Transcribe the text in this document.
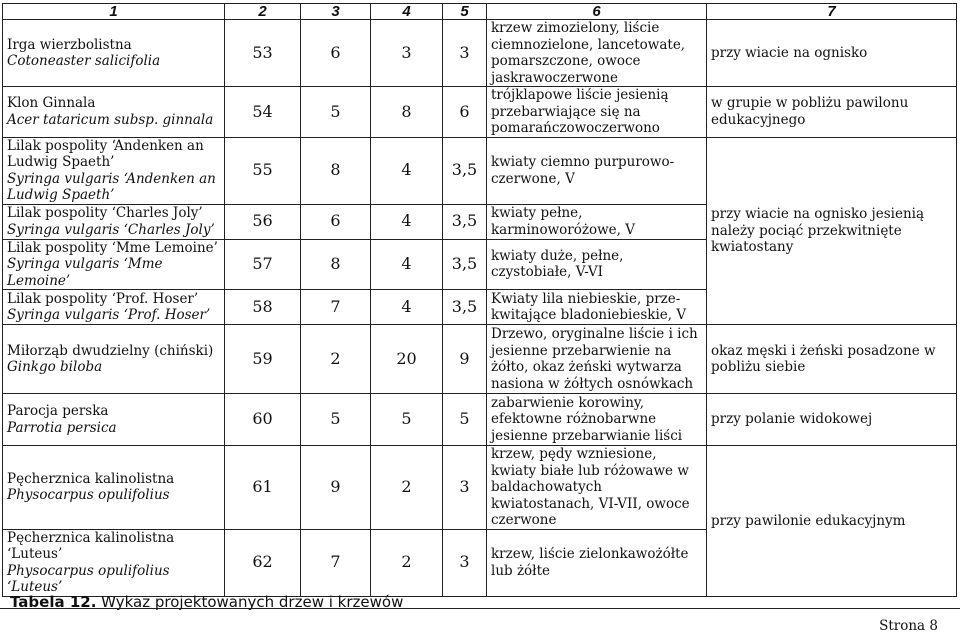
1	2	3	4	5	6	7

Irga wierzbolistna
Cotoneaster salicifolia	53	6	3	3	krzew zimozielony, liście ciemnozielone, lancetowate, pomarszczone, owoce jaskrawoczerwone	przy wiacie na ognisko

Klon Ginnala
Acer tataricum subsp. ginnala	54	5	8	6	trójklapowe liście jesienią przebarwiające się na pomarańczowoczerwono	w grupie w pobliżu pawilonu edukacyjnego

Lilak pospolity ‘Andenken an Ludwig Spaeth’
Syringa vulgaris ‘Andenken an Ludwig Spaeth’	55	8	4	3,5	kwiaty ciemno purpurowo-czerwone, V	przy wiacie na ognisko jesienią należy pociąć przekwitnięte kwiatostany

Lilak pospolity ‘Charles Joly’
Syringa vulgaris ‘Charles Joly’	56	6	4	3,5	kwiaty pełne, karminoworóżowe, V	

Lilak pospolity ‘Mme Lemoine’
Syringa vulgaris ‘Mme Lemoine’	57	8	4	3,5	kwiaty duże, pełne, czystobiałe, V-VI	

Lilak pospolity ‘Prof. Hoser’
Syringa vulgaris ‘Prof. Hoser’	58	7	4	3,5	Kwiaty lila niebieskie, prze-kwitające bladoniebieskie, V	

Miłorząb dwudzielny (chiński)
Ginkgo biloba	59	2	20	9	Drzewo, oryginalne liście i ich jesienne przebarwienie na żółto, okaz żeński wytwarza nasiona w żółtych osnówkach	okaz męski i żeński posadzone w pobliżu siebie

Parocja perska
Parrotia persica	60	5	5	5	zabarwienie korowiny, efektowne różnobarwne jesienne przebarwianie liści	przy polanie widokowej

Pęcherznica kalinolistna
Physocarpus opulifolius	61	9	2	3	krzew, pędy wzniesione, kwiaty białe lub różowawe w baldachowatych kwiatostanach, VI-VII, owoce czerwone	przy pawilonie edukacyjnym

Pęcherznica kalinolistna ‘Luteus’
Physocarpus opulifolius ‘Luteus’	62	7	2	3	krzew, liście zielonkawożółte lub żółte	
Tabela 12. Wykaz projektowanych drzew i krzewów
Strona 8
